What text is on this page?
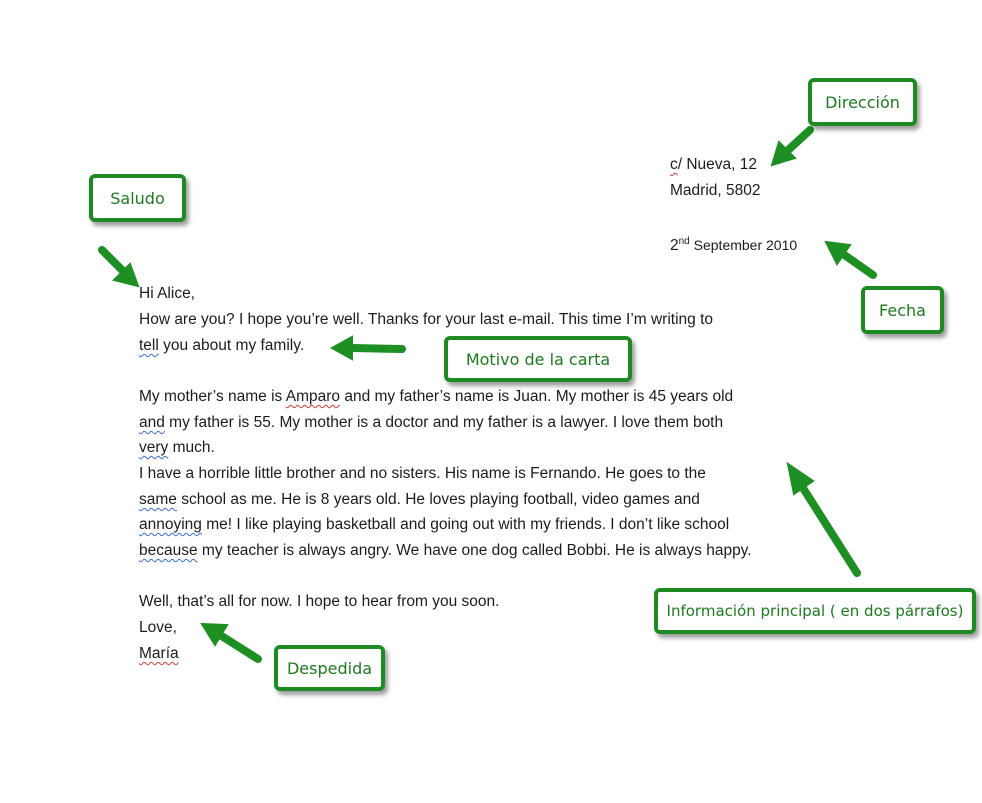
c/ Nueva, 12
Madrid, 5802
2nd September 2010
Hi Alice,
How are you? I hope you’re well. Thanks for your last e-mail. This time I’m writing to
tell you about my family.
My mother’s name is Amparo and my father’s name is Juan. My mother is 45 years old
and my father is 55. My mother is a doctor and my father is a lawyer. I love them both
very much.
I have a horrible little brother and no sisters. His name is Fernando. He goes to the
same school as me. He is 8 years old. He loves playing football, video games and
annoying me! I like playing basketball and going out with my friends. I don’t like school
because my teacher is always angry. We have one dog called Bobbi. He is always happy.
Well, that’s all for now. I hope to hear from you soon.
Love,
María
Dirección
Saludo
Fecha
Motivo de la carta
Información principal ( en dos párrafos)
Despedida
